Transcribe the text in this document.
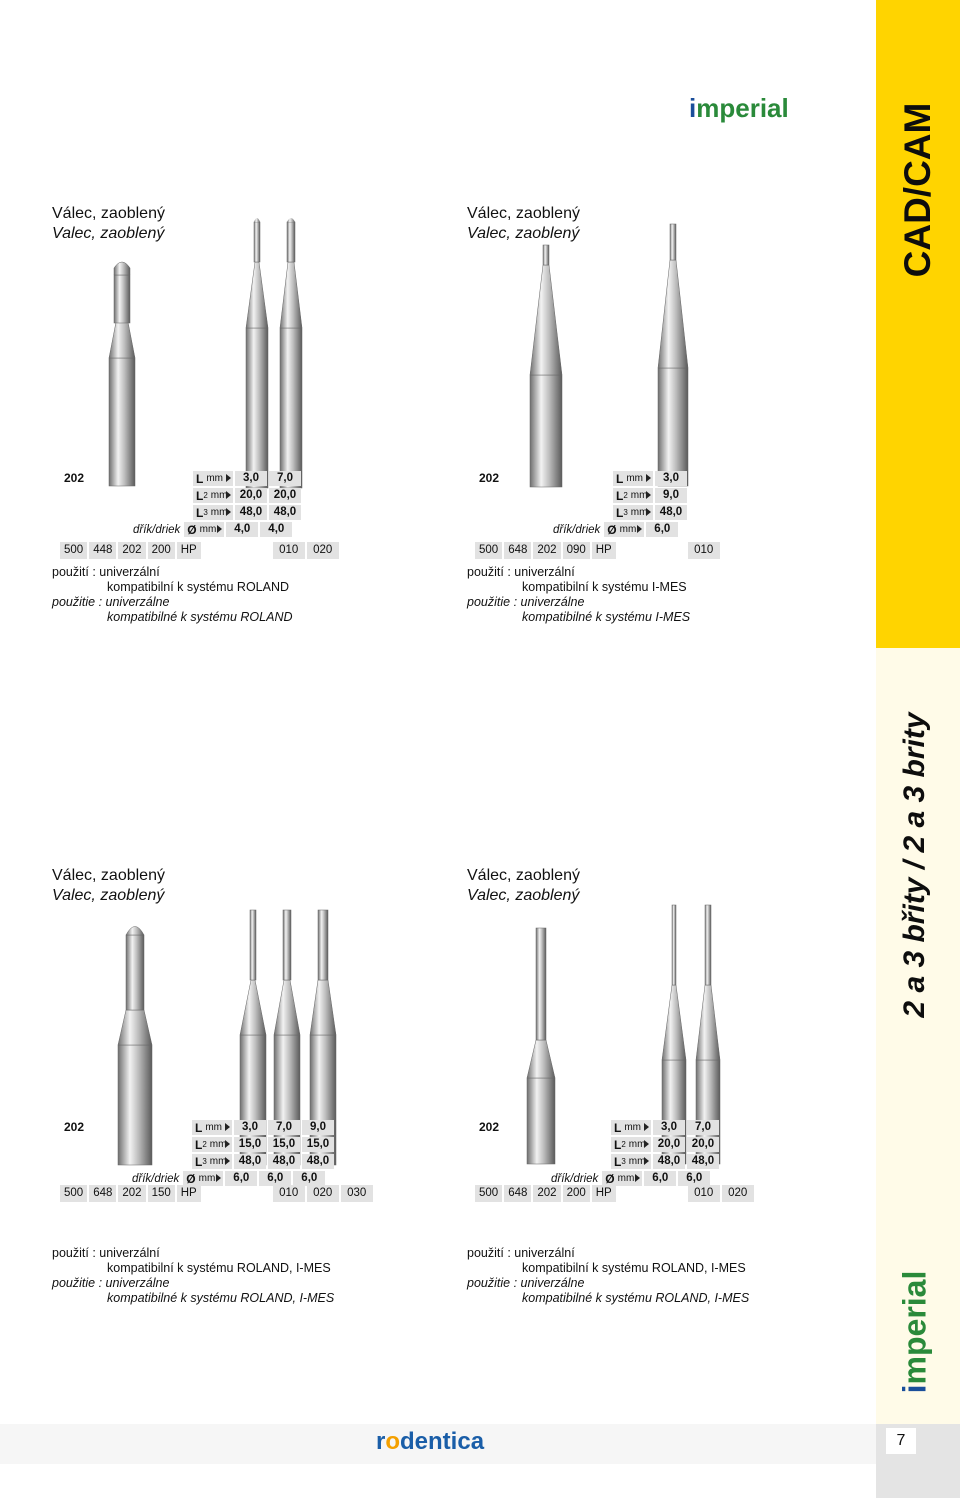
CAD/CAM
2 a 3 břity / 2 a 3 brity
imperial
7
imperial
Válec, zaoblený
Valec, zaoblený
202	L mm	3,0	7,0
L 2 mm	20,0	20,0
L 3 mm	48,0	48,0
dřík/driek Ø mm	4,0	4,0
500 448 202 200 HP	010	020
použití : univerzální
kompatibilní k systému ROLAND
použitie : univerzálne
kompatibilné k systému ROLAND
Válec, zaoblený
Valec, zaoblený
202	L mm	3,0
L 2 mm	9,0
L 3 mm	48,0
dřík/driek Ø mm	6,0
500 648 202 090 HP	010
použití : univerzální
kompatibilní k systému I-MES
použitie : univerzálne
kompatibilné k systému I-MES
Válec, zaoblený
Valec, zaoblený
202	L mm	3,0	7,0	9,0
L 2 mm	15,0	15,0	15,0
L 3 mm	48,0	48,0	48,0
dřík/driek Ø mm	6,0	6,0	6,0
500 648 202 150 HP	010	020	030
použití : univerzální
kompatibilní k systému ROLAND, I-MES
použitie : univerzálne
kompatibilné k systému ROLAND, I-MES
Válec, zaoblený
Valec, zaoblený
202	L mm	3,0	7,0
L 2 mm	20,0	20,0
L 3 mm	48,0	48,0
dřík/driek Ø mm	6,0	6,0
500 648 202 200 HP	010	020
použití : univerzální
kompatibilní k systému ROLAND, I-MES
použitie : univerzálne
kompatibilné k systému ROLAND, I-MES
rodentica
